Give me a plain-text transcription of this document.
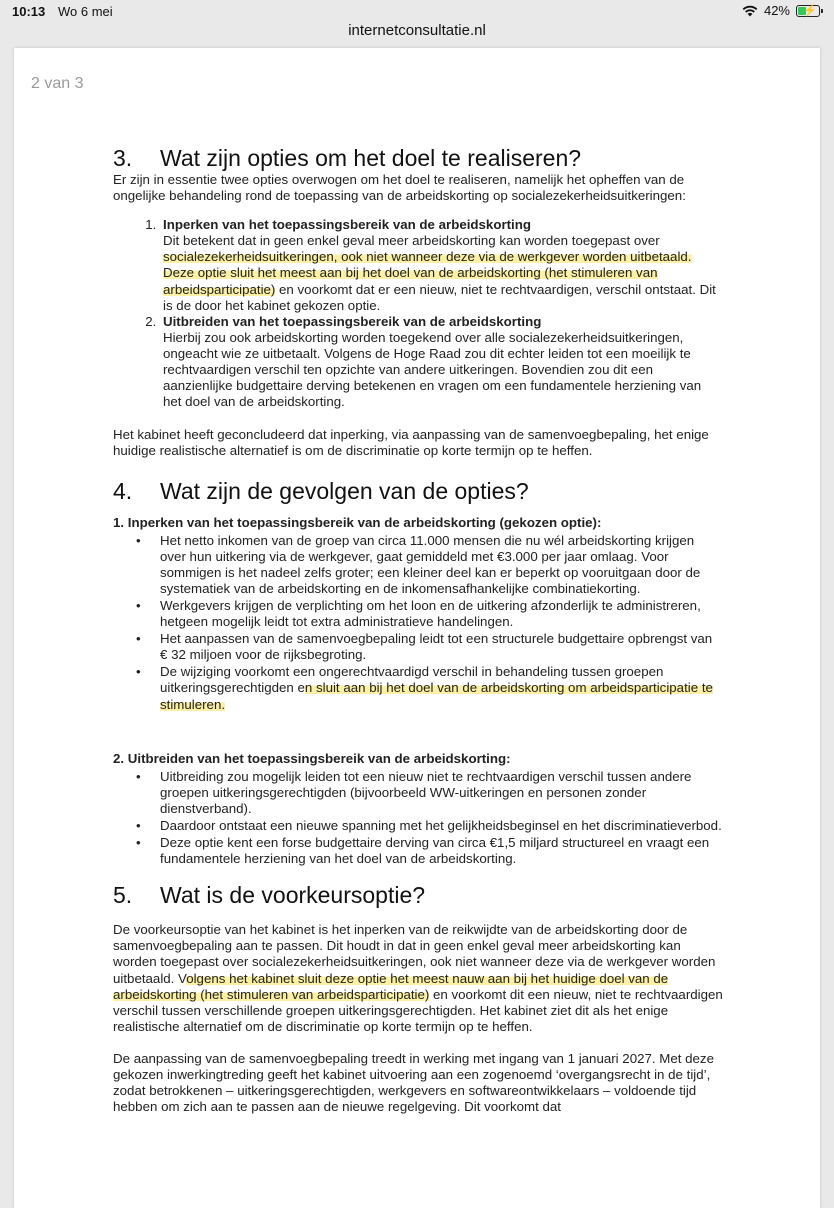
10:13 Wo 6 mei	42% ⚡
internetconsultatie.nl
2 van 3
3. Wat zijn opties om het doel te realiseren?

Er zijn in essentie twee opties overwogen om het doel te realiseren, namelijk het opheffen van de ongelijke behandeling rond de toepassing van de arbeidskorting op socialezekerheidsuitkeringen:

1. Inperken van het toepassingsbereik van de arbeidskorting
Dit betekent dat in geen enkel geval meer arbeidskorting kan worden toegepast over socialezekerheidsuitkeringen, ook niet wanneer deze via de werkgever worden uitbetaald. Deze optie sluit het meest aan bij het doel van de arbeidskorting (het stimuleren van arbeidsparticipatie) en voorkomt dat er een nieuw, niet te rechtvaardigen, verschil ontstaat. Dit is de door het kabinet gekozen optie.
2. Uitbreiden van het toepassingsbereik van de arbeidskorting
Hierbij zou ook arbeidskorting worden toegekend over alle socialezekerheidsuitkeringen, ongeacht wie ze uitbetaalt. Volgens de Hoge Raad zou dit echter leiden tot een moeilijk te rechtvaardigen verschil ten opzichte van andere uitkeringen. Bovendien zou dit een aanzienlijke budgettaire derving betekenen en vragen om een fundamentele herziening van het doel van de arbeidskorting.

Het kabinet heeft geconcludeerd dat inperking, via aanpassing van de samenvoegbepaling, het enige huidige realistische alternatief is om de discriminatie op korte termijn op te heffen.

4. Wat zijn de gevolgen van de opties?

1. Inperken van het toepassingsbereik van de arbeidskorting (gekozen optie):

• Het netto inkomen van de groep van circa 11.000 mensen die nu wél arbeidskorting krijgen over hun uitkering via de werkgever, gaat gemiddeld met €3.000 per jaar omlaag. Voor sommigen is het nadeel zelfs groter; een kleiner deel kan er beperkt op vooruitgaan door de systematiek van de arbeidskorting en de inkomensafhankelijke combinatiekorting.
• Werkgevers krijgen de verplichting om het loon en de uitkering afzonderlijk te administreren, hetgeen mogelijk leidt tot extra administratieve handelingen.
• Het aanpassen van de samenvoegbepaling leidt tot een structurele budgettaire opbrengst van € 32 miljoen voor de rijksbegroting.
• De wijziging voorkomt een ongerechtvaardigd verschil in behandeling tussen groepen uitkeringsgerechtigden en sluit aan bij het doel van de arbeidskorting om arbeidsparticipatie te stimuleren.

2. Uitbreiden van het toepassingsbereik van de arbeidskorting:

• Uitbreiding zou mogelijk leiden tot een nieuw niet te rechtvaardigen verschil tussen andere groepen uitkeringsgerechtigden (bijvoorbeeld WW-uitkeringen en personen zonder dienstverband).
• Daardoor ontstaat een nieuwe spanning met het gelijkheidsbeginsel en het discriminatieverbod.
• Deze optie kent een forse budgettaire derving van circa €1,5 miljard structureel en vraagt een fundamentele herziening van het doel van de arbeidskorting.
5. Wat is de voorkeursoptie?

De voorkeursoptie van het kabinet is het inperken van de reikwijdte van de arbeidskorting door de samenvoegbepaling aan te passen. Dit houdt in dat in geen enkel geval meer arbeidskorting kan worden toegepast over socialezekerheidsuitkeringen, ook niet wanneer deze via de werkgever worden uitbetaald. Volgens het kabinet sluit deze optie het meest nauw aan bij het huidige doel van de arbeidskorting (het stimuleren van arbeidsparticipatie) en voorkomt dit een nieuw, niet te rechtvaardigen verschil tussen verschillende groepen uitkeringsgerechtigden. Het kabinet ziet dit als het enige realistische alternatief om de discriminatie op korte termijn op te heffen.

De aanpassing van de samenvoegbepaling treedt in werking met ingang van 1 januari 2027. Met deze gekozen inwerkingtreding geeft het kabinet uitvoering aan een zogenoemd ‘overgangsrecht in de tijd’, zodat betrokkenen – uitkeringsgerechtigden, werkgevers en softwareontwikkelaars – voldoende tijd hebben om zich aan te passen aan de nieuwe regelgeving. Dit voorkomt dat
